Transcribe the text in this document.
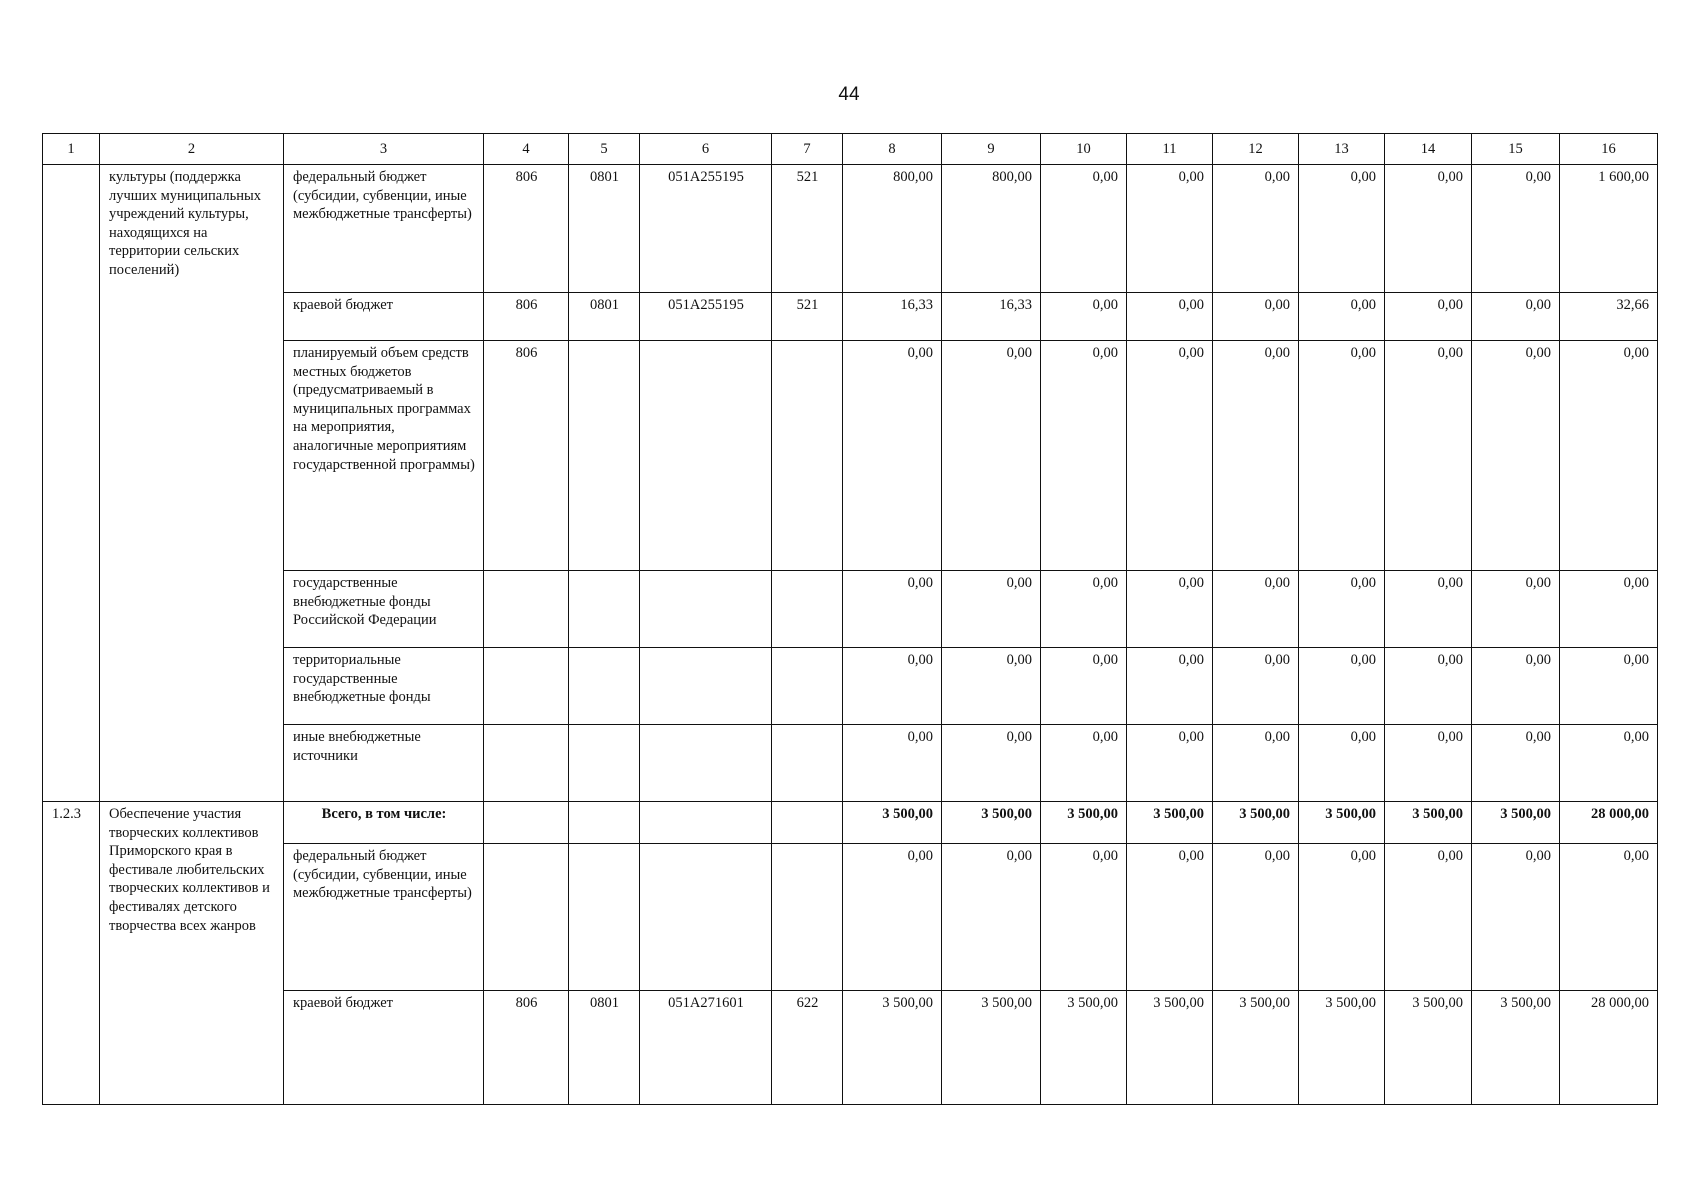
44
1	2	3	4	5	6	7	8	9	10	11	12	13	14	15	16
	культуры (поддержка лучших муниципальных учреждений культуры, находящихся на территории сельских поселений)	федеральный бюджет (субсидии, субвенции, иные межбюджетные трансферты)	806	0801	051А255195	521	800,00	800,00	0,00	0,00	0,00	0,00	0,00	0,00	1 600,00
		краевой бюджет	806	0801	051А255195	521	16,33	16,33	0,00	0,00	0,00	0,00	0,00	0,00	32,66
		планируемый объем средств местных бюджетов (предусматриваемый в муниципальных программах на мероприятия, аналогичные мероприятиям государственной программы)	806				0,00	0,00	0,00	0,00	0,00	0,00	0,00	0,00	0,00
		государственные внебюджетные фонды Российской Федерации					0,00	0,00	0,00	0,00	0,00	0,00	0,00	0,00	0,00
		территориальные государственные внебюджетные фонды					0,00	0,00	0,00	0,00	0,00	0,00	0,00	0,00	0,00
		иные внебюджетные источники					0,00	0,00	0,00	0,00	0,00	0,00	0,00	0,00	0,00
1.2.3	Обеспечение участия творческих коллективов Приморского края в фестивале любительских творческих коллективов и фестивалях детского творчества всех жанров	Всего, в том числе:					3 500,00	3 500,00	3 500,00	3 500,00	3 500,00	3 500,00	3 500,00	3 500,00	28 000,00
		федеральный бюджет (субсидии, субвенции, иные межбюджетные трансферты)					0,00	0,00	0,00	0,00	0,00	0,00	0,00	0,00	0,00
		краевой бюджет	806	0801	051А271601	622	3 500,00	3 500,00	3 500,00	3 500,00	3 500,00	3 500,00	3 500,00	3 500,00	28 000,00
